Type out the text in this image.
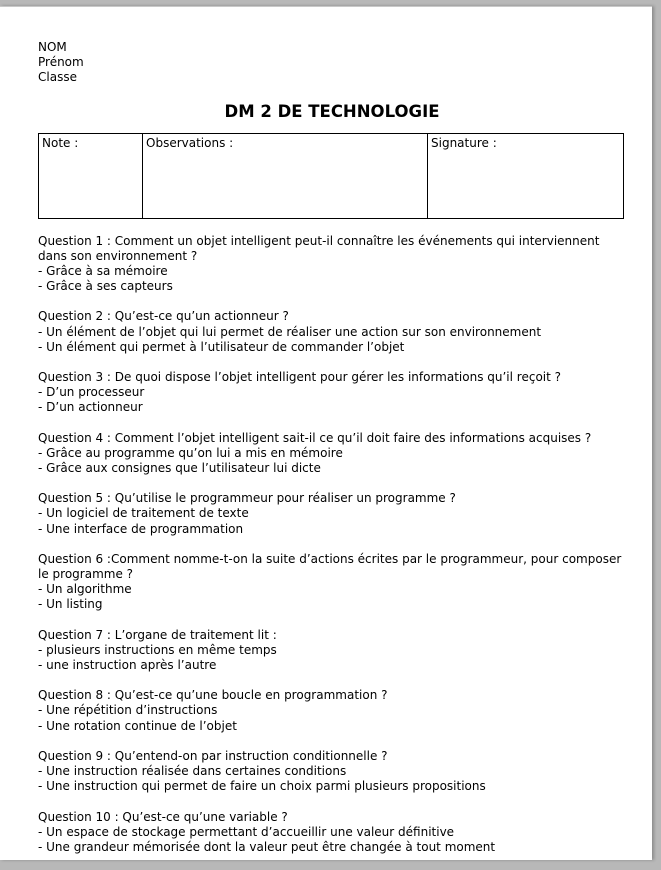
NOM

Prénom

Classe

DM 2 DE TECHNOLOGIE
Note :	Observations :	Signature :

Question 1 : Comment un objet intelligent peut-il connaître les événements qui interviennent dans son environnement ?

- Grâce à sa mémoire

- Grâce à ses capteurs

Question 2 : Qu’est-ce qu’un actionneur ?

- Un élément de l’objet qui lui permet de réaliser une action sur son environnement

- Un élément qui permet à l’utilisateur de commander l’objet

Question 3 : De quoi dispose l’objet intelligent pour gérer les informations qu’il reçoit ?

- D’un processeur

- D’un actionneur

Question 4 : Comment l’objet intelligent sait-il ce qu’il doit faire des informations acquises ?

- Grâce au programme qu’on lui a mis en mémoire

- Grâce aux consignes que l’utilisateur lui dicte

Question 5 : Qu’utilise le programmeur pour réaliser un programme ?

- Un logiciel de traitement de texte

- Une interface de programmation

Question 6 :Comment nomme-t-on la suite d’actions écrites par le programmeur, pour composer le programme ?

- Un algorithme

- Un listing

Question 7 : L’organe de traitement lit :

- plusieurs instructions en même temps

- une instruction après l’autre

Question 8 : Qu’est-ce qu’une boucle en programmation ?

- Une répétition d’instructions

- Une rotation continue de l’objet

Question 9 : Qu’entend-on par instruction conditionnelle ?

- Une instruction réalisée dans certaines conditions

- Une instruction qui permet de faire un choix parmi plusieurs propositions

Question 10 : Qu’est-ce qu’une variable ?

- Un espace de stockage permettant d’accueillir une valeur définitive

- Une grandeur mémorisée dont la valeur peut être changée à tout moment
